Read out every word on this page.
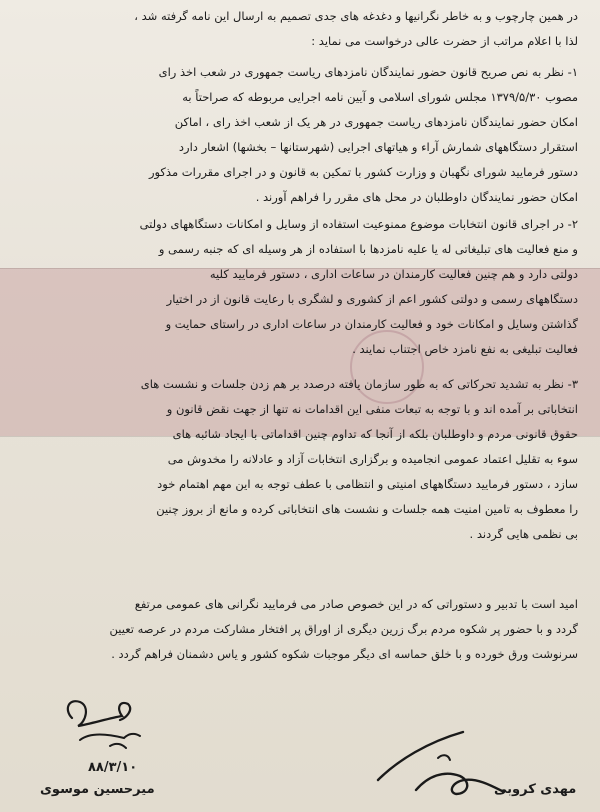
در همین چارچوب و به خاطر نگرانیها و دغدغه های جدی تصمیم به ارسال این نامه گرفته شد ،
لذا با اعلام مراتب از حضرت عالی درخواست می نماید :
۱- نظر به نص صریح قانون حضور نمایندگان نامزدهای ریاست جمهوری در شعب اخذ رای
مصوب ۱۳۷۹/۵/۳۰ مجلس شورای اسلامی و آیین نامه اجرایی مربوطه که صراحتاً به
امکان حضور نمایندگان نامزدهای ریاست جمهوری در هر یک از شعب اخذ رای ، اماکن
استقرار دستگاههای شمارش آراء و هیاتهای اجرایی (شهرستانها – بخشها) اشعار دارد
دستور فرمایید شورای نگهبان و وزارت کشور با تمکین به قانون و در اجرای مقررات مذکور
امکان حضور نمایندگان داوطلبان در محل های مقرر را فراهم آورند .
۲- در اجرای قانون انتخابات موضوع ممنوعیت استفاده از وسایل و امکانات دستگاههای دولتی
و منع فعالیت های تبلیغاتی له یا علیه نامزدها با استفاده از هر وسیله ای که جنبه رسمی و
دولتی دارد و هم چنین فعالیت کارمندان در ساعات اداری ، دستور فرمایید کلیه
دستگاههای رسمی و دولتی کشور اعم از کشوری و لشگری با رعایت قانون از در اختیار
گذاشتن وسایل و امکانات خود و فعالیت کارمندان در ساعات اداری در راستای حمایت و
فعالیت تبلیغی به نفع نامزد خاص اجتناب نمایند .
۳- نظر به تشدید تحرکاتی که به طور سازمان یافته درصدد بر هم زدن جلسات و نشست های
انتخاباتی بر آمده اند و با توجه به تبعات منفی این اقدامات نه تنها از جهت نقض قانون و
حقوق قانونی مردم و داوطلبان بلکه از آنجا که تداوم چنین اقداماتی با ایجاد شائبه های
سوء به تقلیل اعتماد عمومی انجامیده و برگزاری انتخابات آزاد و عادلانه را مخدوش می
سازد ، دستور فرمایید دستگاههای امنیتی و انتظامی با عطف توجه به این مهم اهتمام خود
را معطوف به تامین امنیت همه جلسات و نشست های انتخاباتی کرده و مانع از بروز چنین
بی نظمی هایی گردند .
امید است با تدبیر و دستوراتی که در این خصوص صادر می فرمایید نگرانی های عمومی مرتفع
گردد و با حضور پر شکوه مردم برگ زرین دیگری از اوراق پر افتخار مشارکت مردم در عرصه تعیین
سرنوشت ورق خورده و با خلق حماسه ای دیگر موجبات شکوه کشور و یاس دشمنان فراهم گردد .
۸۸/۳/۱۰
میرحسین موسوی	مهدی کروبی
